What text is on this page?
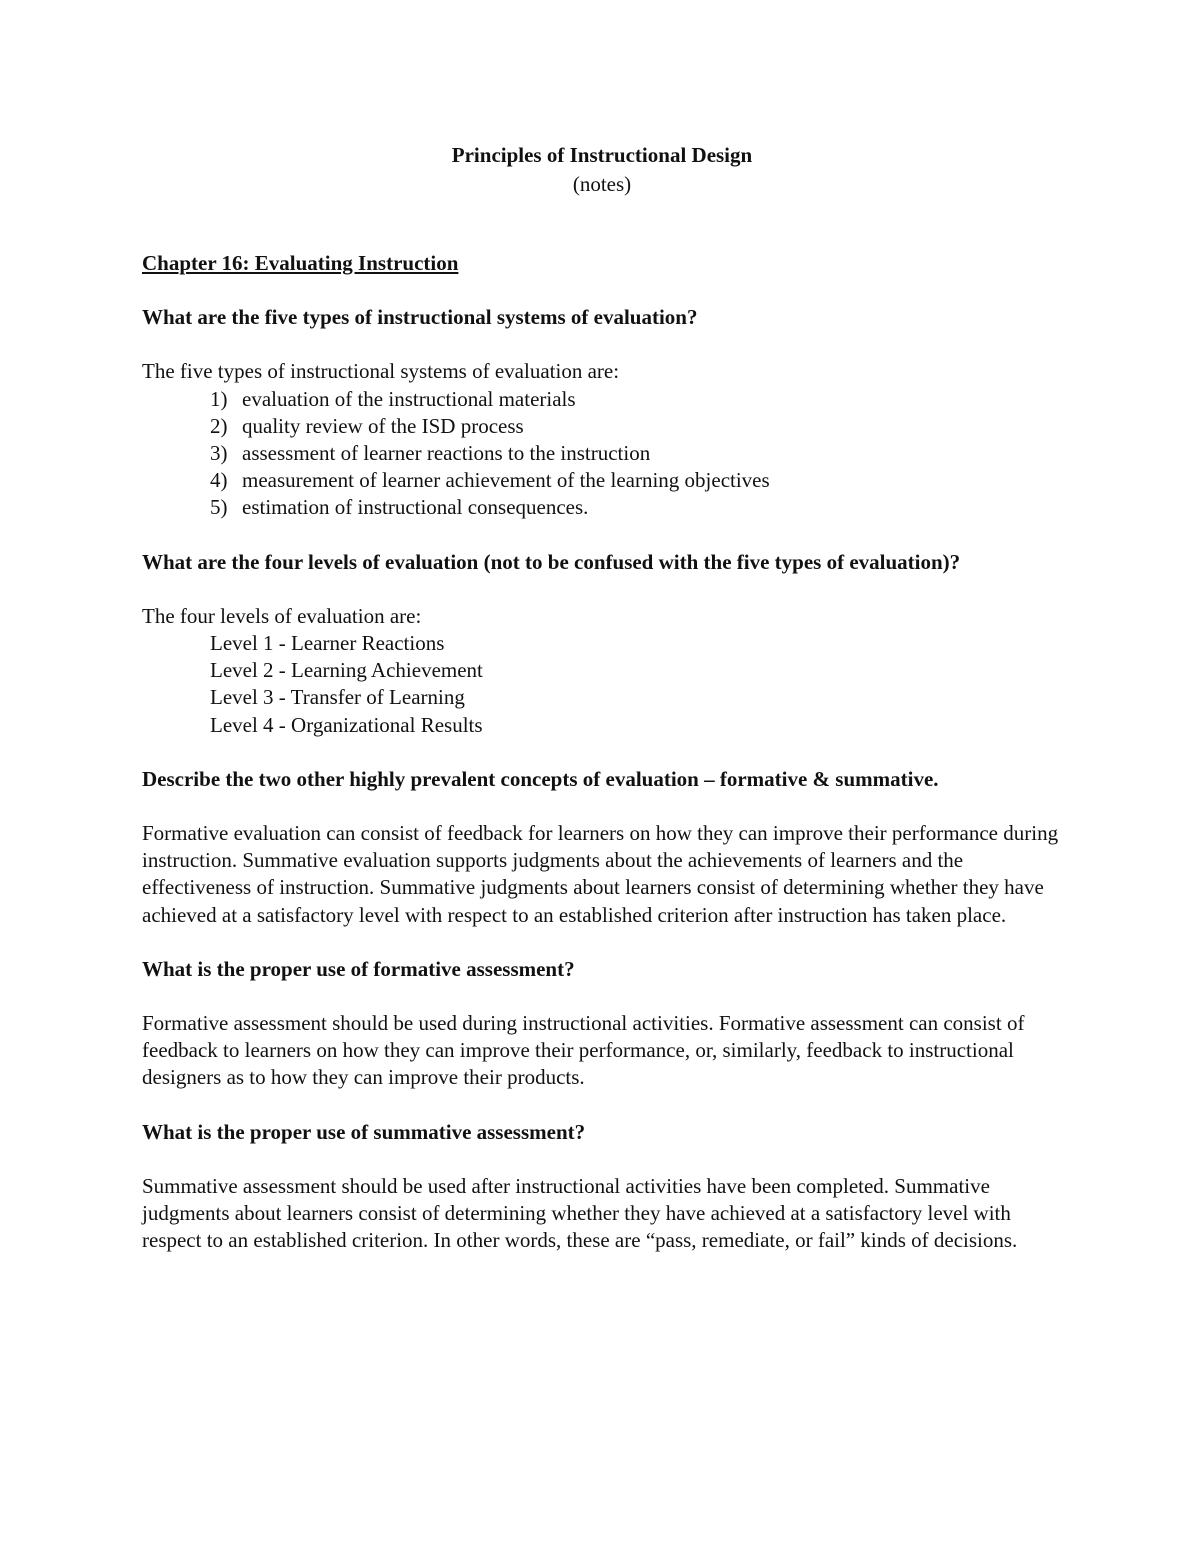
Principles of Instructional Design

(notes)

Chapter 16: Evaluating Instruction

What are the five types of instructional systems of evaluation?

The five types of instructional systems of evaluation are:

1) evaluation of the instructional materials
2) quality review of the ISD process
3) assessment of learner reactions to the instruction
4) measurement of learner achievement of the learning objectives
5) estimation of instructional consequences.

What are the four levels of evaluation (not to be confused with the five types of evaluation)?

The four levels of evaluation are:

Level 1 - Learner Reactions
Level 2 - Learning Achievement
Level 3 - Transfer of Learning
Level 4 - Organizational Results

Describe the two other highly prevalent concepts of evaluation – formative & summative.

Formative evaluation can consist of feedback for learners on how they can improve their performance during instruction. Summative evaluation supports judgments about the achievements of learners and the effectiveness of instruction. Summative judgments about learners consist of determining whether they have achieved at a satisfactory level with respect to an established criterion after instruction has taken place.

What is the proper use of formative assessment?

Formative assessment should be used during instructional activities. Formative assessment can consist of feedback to learners on how they can improve their performance, or, similarly, feedback to instructional designers as to how they can improve their products.

What is the proper use of summative assessment?

Summative assessment should be used after instructional activities have been completed. Summative judgments about learners consist of determining whether they have achieved at a satisfactory level with respect to an established criterion. In other words, these are “pass, remediate, or fail” kinds of decisions.
